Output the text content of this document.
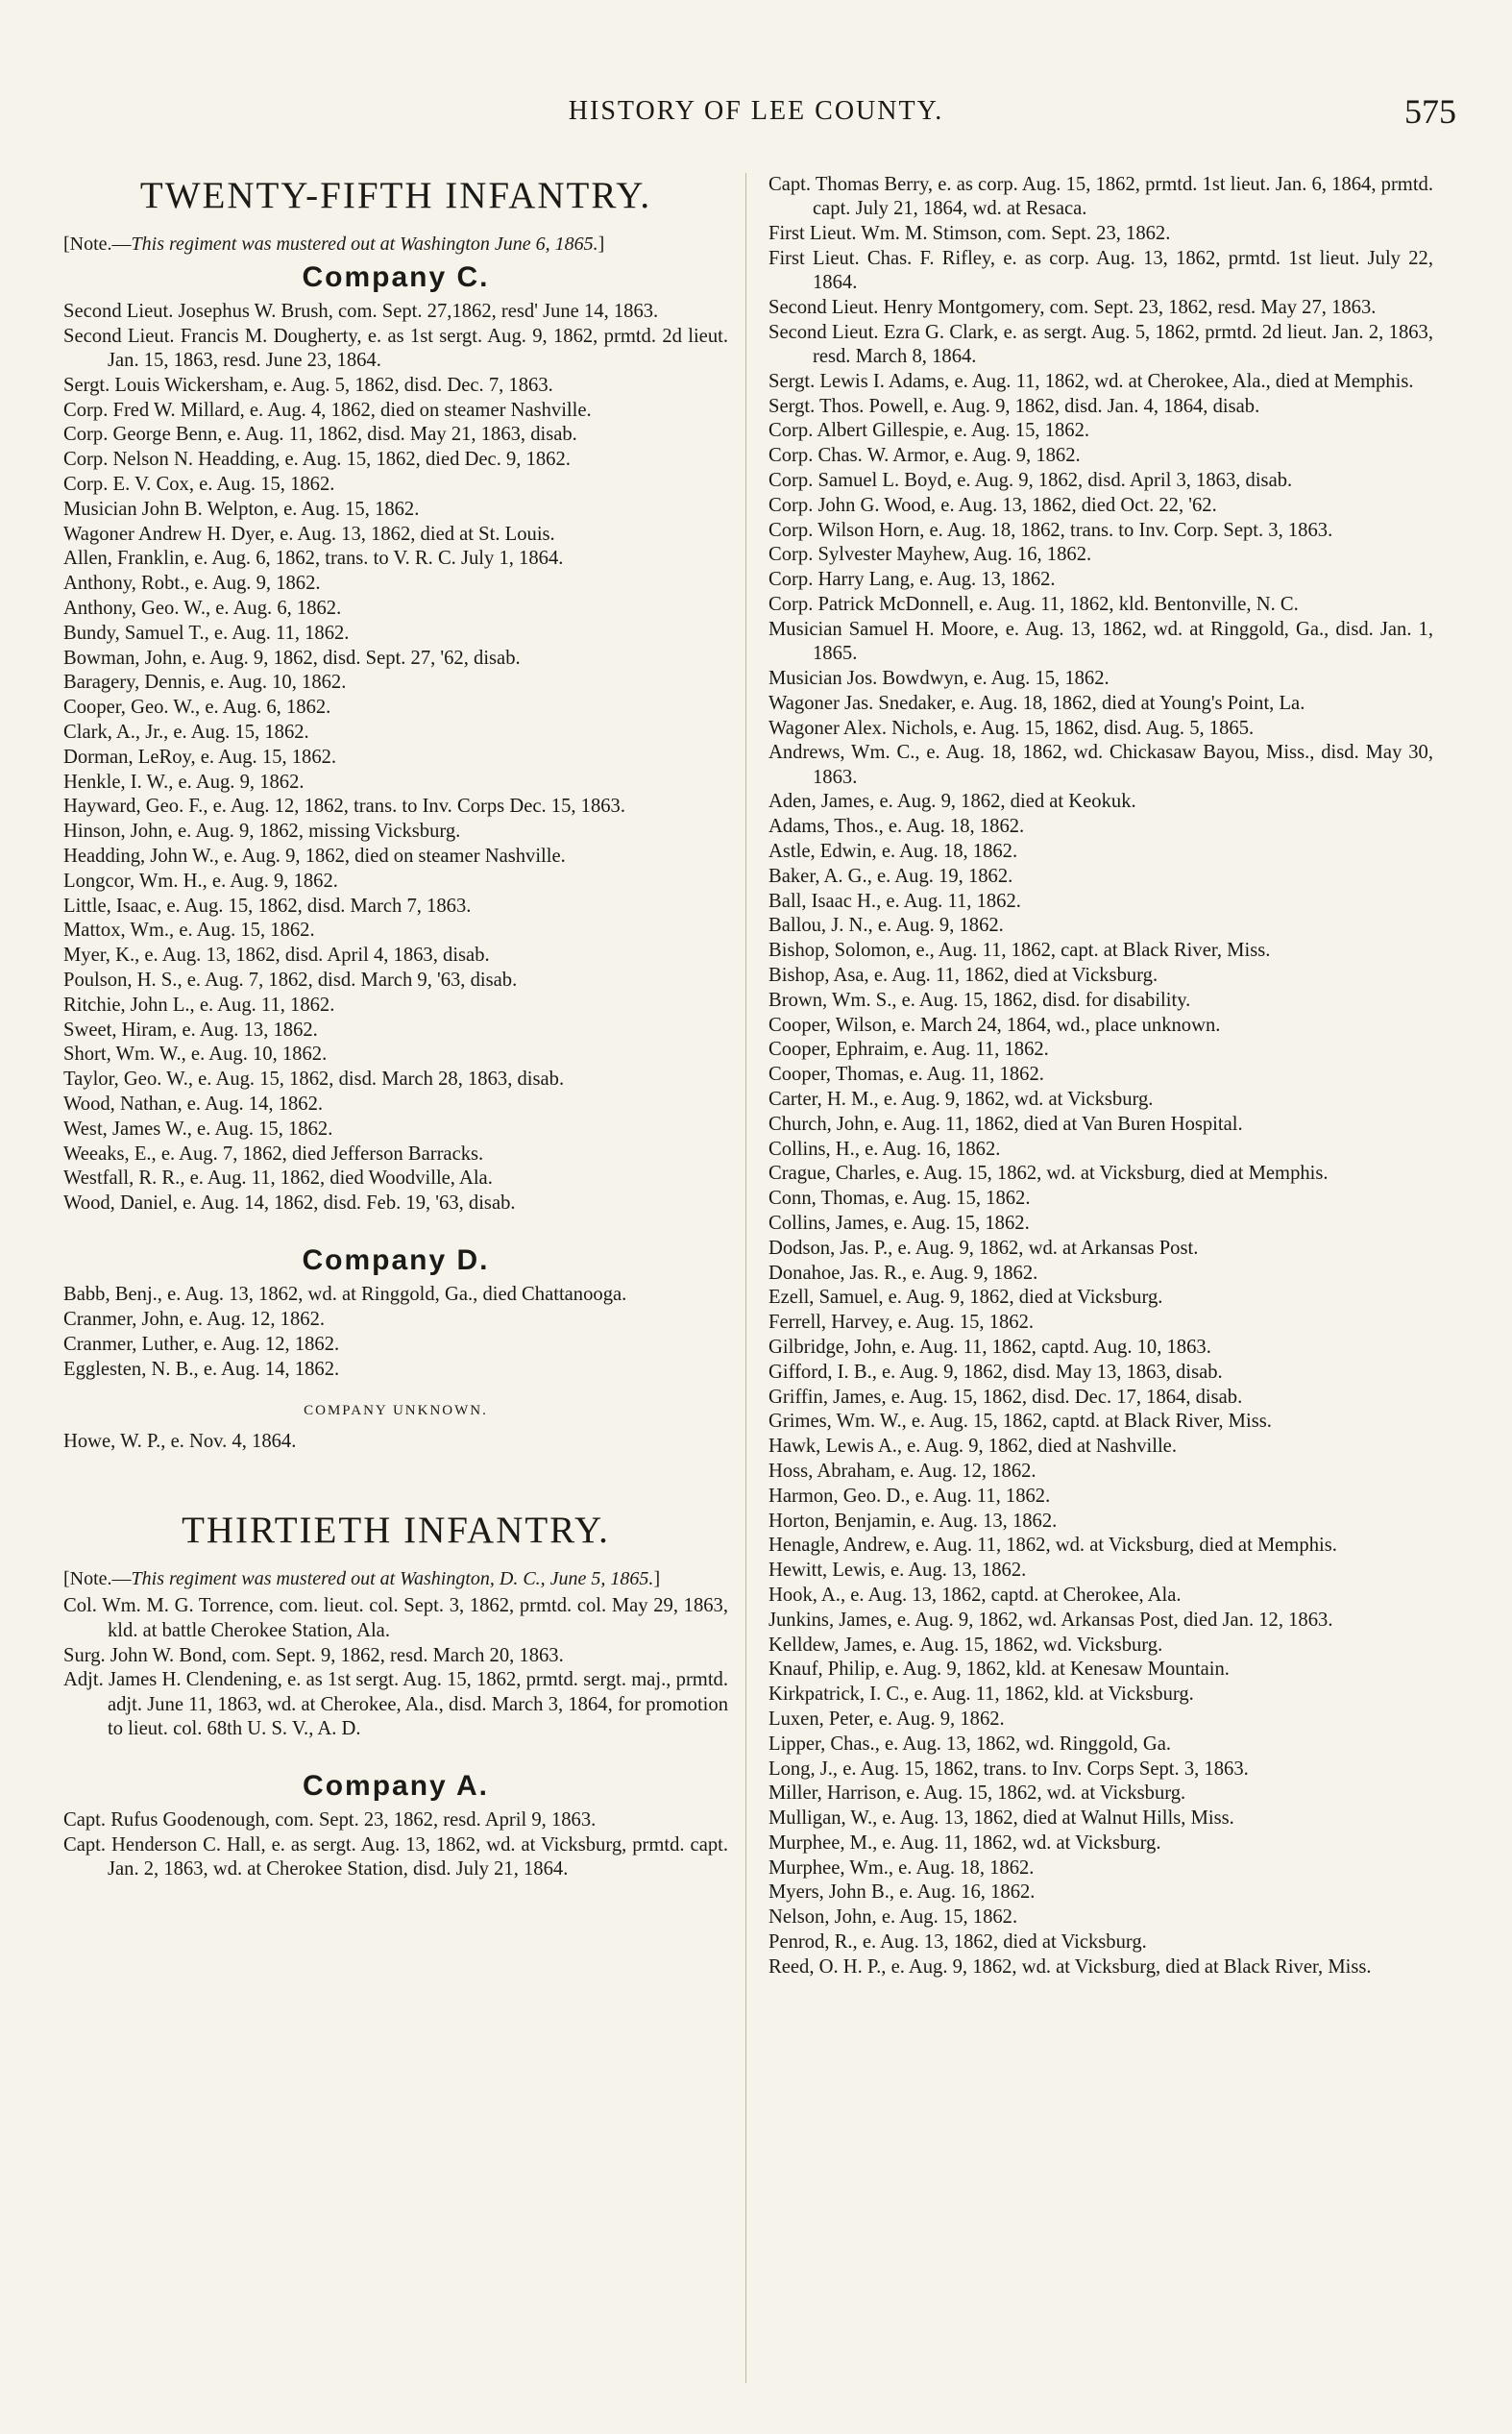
HISTORY OF LEE COUNTY.	575
TWENTY-FIFTH INFANTRY.

[Note.—This regiment was mustered out at Washington June 6, 1865.]

Company C.

Second Lieut. Josephus W. Brush, com. Sept. 27,1862, resd' June 14, 1863.

Second Lieut. Francis M. Dougherty, e. as 1st sergt. Aug. 9, 1862, prmtd. 2d lieut. Jan. 15, 1863, resd. June 23, 1864.

Sergt. Louis Wickersham, e. Aug. 5, 1862, disd. Dec. 7, 1863.

Corp. Fred W. Millard, e. Aug. 4, 1862, died on steamer Nashville.

Corp. George Benn, e. Aug. 11, 1862, disd. May 21, 1863, disab.

Corp. Nelson N. Headding, e. Aug. 15, 1862, died Dec. 9, 1862.

Corp. E. V. Cox, e. Aug. 15, 1862.

Musician John B. Welpton, e. Aug. 15, 1862.

Wagoner Andrew H. Dyer, e. Aug. 13, 1862, died at St. Louis.

Allen, Franklin, e. Aug. 6, 1862, trans. to V. R. C. July 1, 1864.

Anthony, Robt., e. Aug. 9, 1862.

Anthony, Geo. W., e. Aug. 6, 1862.

Bundy, Samuel T., e. Aug. 11, 1862.

Bowman, John, e. Aug. 9, 1862, disd. Sept. 27, '62, disab.

Baragery, Dennis, e. Aug. 10, 1862.

Cooper, Geo. W., e. Aug. 6, 1862.

Clark, A., Jr., e. Aug. 15, 1862.

Dorman, LeRoy, e. Aug. 15, 1862.

Henkle, I. W., e. Aug. 9, 1862.

Hayward, Geo. F., e. Aug. 12, 1862, trans. to Inv. Corps Dec. 15, 1863.

Hinson, John, e. Aug. 9, 1862, missing Vicksburg.

Headding, John W., e. Aug. 9, 1862, died on steamer Nashville.

Longcor, Wm. H., e. Aug. 9, 1862.

Little, Isaac, e. Aug. 15, 1862, disd. March 7, 1863.

Mattox, Wm., e. Aug. 15, 1862.

Myer, K., e. Aug. 13, 1862, disd. April 4, 1863, disab.

Poulson, H. S., e. Aug. 7, 1862, disd. March 9, '63, disab.

Ritchie, John L., e. Aug. 11, 1862.

Sweet, Hiram, e. Aug. 13, 1862.

Short, Wm. W., e. Aug. 10, 1862.

Taylor, Geo. W., e. Aug. 15, 1862, disd. March 28, 1863, disab.

Wood, Nathan, e. Aug. 14, 1862.

West, James W., e. Aug. 15, 1862.

Weeaks, E., e. Aug. 7, 1862, died Jefferson Barracks.

Westfall, R. R., e. Aug. 11, 1862, died Woodville, Ala.

Wood, Daniel, e. Aug. 14, 1862, disd. Feb. 19, '63, disab.

Company D.

Babb, Benj., e. Aug. 13, 1862, wd. at Ringgold, Ga., died Chattanooga.

Cranmer, John, e. Aug. 12, 1862.

Cranmer, Luther, e. Aug. 12, 1862.

Egglesten, N. B., e. Aug. 14, 1862.

COMPANY UNKNOWN.

Howe, W. P., e. Nov. 4, 1864.

THIRTIETH INFANTRY.

[Note.—This regiment was mustered out at Washington, D. C., June 5, 1865.]

Col. Wm. M. G. Torrence, com. lieut. col. Sept. 3, 1862, prmtd. col. May 29, 1863, kld. at battle Cherokee Station, Ala.

Surg. John W. Bond, com. Sept. 9, 1862, resd. March 20, 1863.

Adjt. James H. Clendening, e. as 1st sergt. Aug. 15, 1862, prmtd. sergt. maj., prmtd. adjt. June 11, 1863, wd. at Cherokee, Ala., disd. March 3, 1864, for promotion to lieut. col. 68th U. S. V., A. D.

Company A.

Capt. Rufus Goodenough, com. Sept. 23, 1862, resd. April 9, 1863.

Capt. Henderson C. Hall, e. as sergt. Aug. 13, 1862, wd. at Vicksburg, prmtd. capt. Jan. 2, 1863, wd. at Cherokee Station, disd. July 21, 1864.

Capt. Thomas Berry, e. as corp. Aug. 15, 1862, prmtd. 1st lieut. Jan. 6, 1864, prmtd. capt. July 21, 1864, wd. at Resaca.

First Lieut. Wm. M. Stimson, com. Sept. 23, 1862.

First Lieut. Chas. F. Rifley, e. as corp. Aug. 13, 1862, prmtd. 1st lieut. July 22, 1864.

Second Lieut. Henry Montgomery, com. Sept. 23, 1862, resd. May 27, 1863.

Second Lieut. Ezra G. Clark, e. as sergt. Aug. 5, 1862, prmtd. 2d lieut. Jan. 2, 1863, resd. March 8, 1864.

Sergt. Lewis I. Adams, e. Aug. 11, 1862, wd. at Cherokee, Ala., died at Memphis.

Sergt. Thos. Powell, e. Aug. 9, 1862, disd. Jan. 4, 1864, disab.

Corp. Albert Gillespie, e. Aug. 15, 1862.

Corp. Chas. W. Armor, e. Aug. 9, 1862.

Corp. Samuel L. Boyd, e. Aug. 9, 1862, disd. April 3, 1863, disab.

Corp. John G. Wood, e. Aug. 13, 1862, died Oct. 22, '62.

Corp. Wilson Horn, e. Aug. 18, 1862, trans. to Inv. Corp. Sept. 3, 1863.

Corp. Sylvester Mayhew, Aug. 16, 1862.

Corp. Harry Lang, e. Aug. 13, 1862.

Corp. Patrick McDonnell, e. Aug. 11, 1862, kld. Bentonville, N. C.

Musician Samuel H. Moore, e. Aug. 13, 1862, wd. at Ringgold, Ga., disd. Jan. 1, 1865.

Musician Jos. Bowdwyn, e. Aug. 15, 1862.

Wagoner Jas. Snedaker, e. Aug. 18, 1862, died at Young's Point, La.

Wagoner Alex. Nichols, e. Aug. 15, 1862, disd. Aug. 5, 1865.

Andrews, Wm. C., e. Aug. 18, 1862, wd. Chickasaw Bayou, Miss., disd. May 30, 1863.

Aden, James, e. Aug. 9, 1862, died at Keokuk.

Adams, Thos., e. Aug. 18, 1862.

Astle, Edwin, e. Aug. 18, 1862.

Baker, A. G., e. Aug. 19, 1862.

Ball, Isaac H., e. Aug. 11, 1862.

Ballou, J. N., e. Aug. 9, 1862.

Bishop, Solomon, e., Aug. 11, 1862, capt. at Black River, Miss.

Bishop, Asa, e. Aug. 11, 1862, died at Vicksburg.

Brown, Wm. S., e. Aug. 15, 1862, disd. for disability.

Cooper, Wilson, e. March 24, 1864, wd., place unknown.

Cooper, Ephraim, e. Aug. 11, 1862.

Cooper, Thomas, e. Aug. 11, 1862.

Carter, H. M., e. Aug. 9, 1862, wd. at Vicksburg.

Church, John, e. Aug. 11, 1862, died at Van Buren Hospital.

Collins, H., e. Aug. 16, 1862.

Crague, Charles, e. Aug. 15, 1862, wd. at Vicksburg, died at Memphis.

Conn, Thomas, e. Aug. 15, 1862.

Collins, James, e. Aug. 15, 1862.

Dodson, Jas. P., e. Aug. 9, 1862, wd. at Arkansas Post.

Donahoe, Jas. R., e. Aug. 9, 1862.

Ezell, Samuel, e. Aug. 9, 1862, died at Vicksburg.

Ferrell, Harvey, e. Aug. 15, 1862.

Gilbridge, John, e. Aug. 11, 1862, captd. Aug. 10, 1863.

Gifford, I. B., e. Aug. 9, 1862, disd. May 13, 1863, disab.

Griffin, James, e. Aug. 15, 1862, disd. Dec. 17, 1864, disab.

Grimes, Wm. W., e. Aug. 15, 1862, captd. at Black River, Miss.

Hawk, Lewis A., e. Aug. 9, 1862, died at Nashville.

Hoss, Abraham, e. Aug. 12, 1862.

Harmon, Geo. D., e. Aug. 11, 1862.

Horton, Benjamin, e. Aug. 13, 1862.

Henagle, Andrew, e. Aug. 11, 1862, wd. at Vicksburg, died at Memphis.

Hewitt, Lewis, e. Aug. 13, 1862.

Hook, A., e. Aug. 13, 1862, captd. at Cherokee, Ala.

Junkins, James, e. Aug. 9, 1862, wd. Arkansas Post, died Jan. 12, 1863.

Kelldew, James, e. Aug. 15, 1862, wd. Vicksburg.

Knauf, Philip, e. Aug. 9, 1862, kld. at Kenesaw Mountain.

Kirkpatrick, I. C., e. Aug. 11, 1862, kld. at Vicksburg.

Luxen, Peter, e. Aug. 9, 1862.

Lipper, Chas., e. Aug. 13, 1862, wd. Ringgold, Ga.

Long, J., e. Aug. 15, 1862, trans. to Inv. Corps Sept. 3, 1863.

Miller, Harrison, e. Aug. 15, 1862, wd. at Vicksburg.

Mulligan, W., e. Aug. 13, 1862, died at Walnut Hills, Miss.

Murphee, M., e. Aug. 11, 1862, wd. at Vicksburg.

Murphee, Wm., e. Aug. 18, 1862.

Myers, John B., e. Aug. 16, 1862.

Nelson, John, e. Aug. 15, 1862.

Penrod, R., e. Aug. 13, 1862, died at Vicksburg.

Reed, O. H. P., e. Aug. 9, 1862, wd. at Vicksburg, died at Black River, Miss.
